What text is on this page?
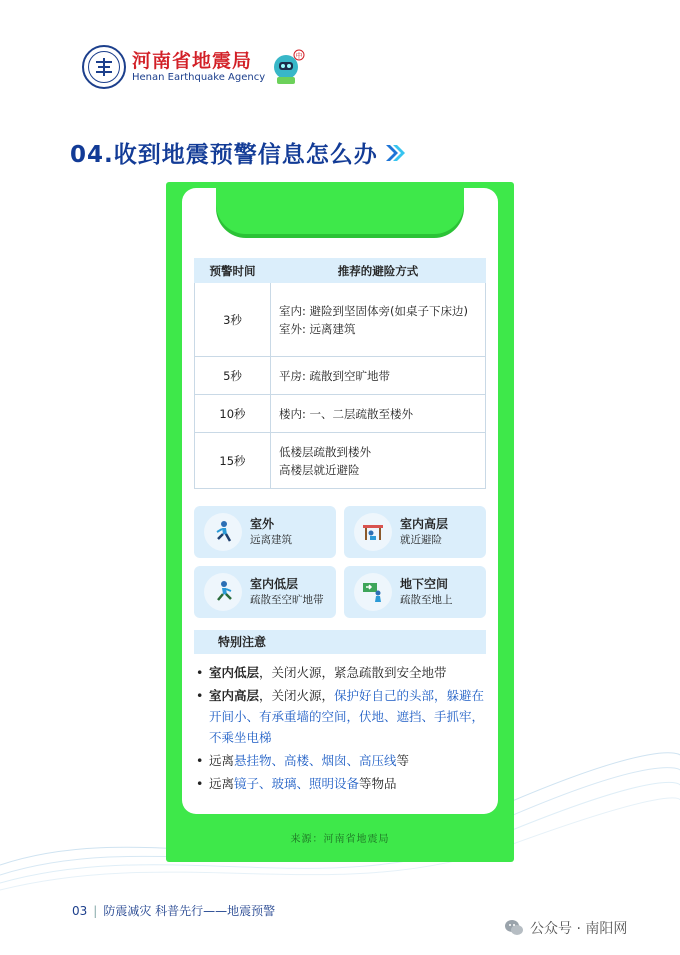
河南省地震局
Henan Earthquake Agency
中
04.收到地震预警信息怎么办
预警时间	推荐的避险方式
3秒	室内: 避险到坚固体旁(如桌子下床边)
室外: 远离建筑

5秒	平房: 疏散到空旷地带

10秒	楼内: 一、二层疏散至楼外

15秒	低楼层疏散到楼外
高楼层就近避险
室外
远离建筑
室内高层
就近避险
室内低层
疏散至空旷地带
地下空间
疏散至地上
特别注意
• 室内低层，关闭火源，紧急疏散到安全地带
• 室内高层，关闭火源，保护好自己的头部，躲避在开间小、有承重墙的空间，伏地、遮挡、手抓牢，不乘坐电梯
• 远离悬挂物、高楼、烟囱、高压线等
• 远离镜子、玻璃、照明设备等物品
来源：河南省地震局
03 | 防震减灾 科普先行——地震预警
公众号 · 南阳网
